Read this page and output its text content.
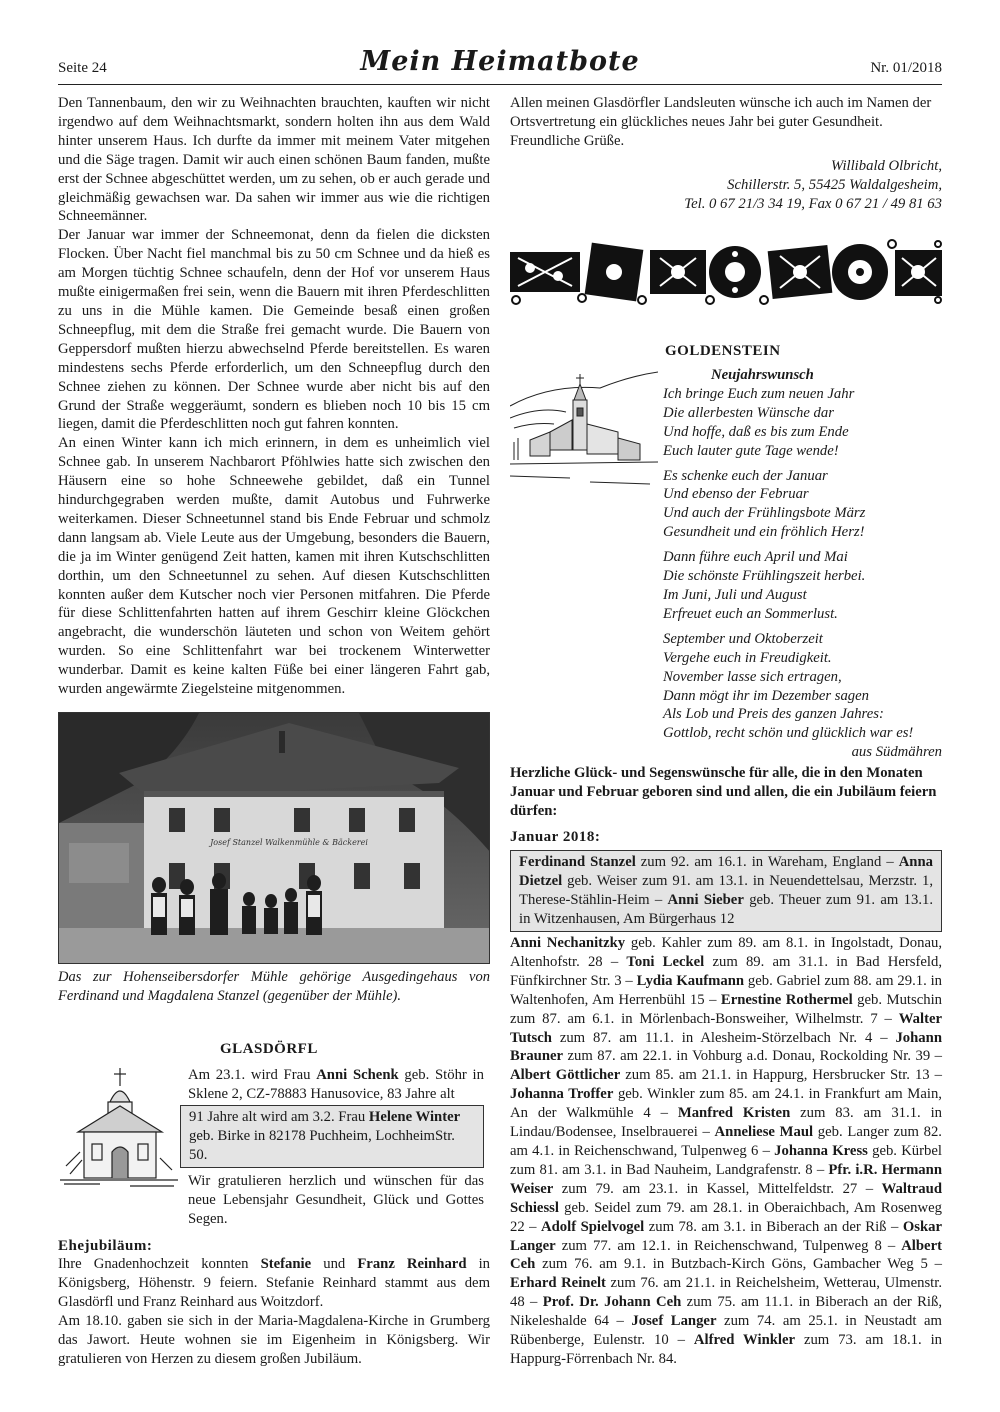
Seite 24	Mein Heimatbote	Nr. 01/2018

Den Tannenbaum, den wir zu Weihnachten brauchten, kauften wir nicht irgendwo auf dem Weihnachtsmarkt, sondern holten ihn aus dem Wald hinter unserem Haus. Ich durfte da immer mit meinem Vater mitgehen und die Säge tragen. Damit wir auch einen schönen Baum fanden, mußte erst der Schnee abgeschüttet werden, um zu sehen, ob er auch gerade und gleichmäßig gewachsen war. Da sahen wir immer aus wie die richtigen Schneemänner.

Der Januar war immer der Schneemonat, denn da fielen die dicksten Flocken. Über Nacht fiel manchmal bis zu 50 cm Schnee und da hieß es am Morgen tüchtig Schnee schaufeln, denn der Hof vor unserem Haus mußte einigermaßen frei sein, wenn die Bauern mit ihren Pferdeschlitten zu uns in die Mühle kamen. Die Gemeinde besaß einen großen Schneepflug, mit dem die Straße frei gemacht wurde. Die Bauern von Geppersdorf mußten hierzu abwechselnd Pferde bereitstellen. Es waren mindestens sechs Pferde erforderlich, um den Schneepflug durch den Schnee ziehen zu können. Der Schnee wurde aber nicht bis auf den Grund der Straße weggeräumt, sondern es blieben noch 10 bis 15 cm liegen, damit die Pferdeschlitten noch gut fahren konnten.

An einen Winter kann ich mich erinnern, in dem es unheimlich viel Schnee gab. In unserem Nachbarort Pföhlwies hatte sich zwischen den Häusern eine so hohe Schneewehe gebildet, daß ein Tunnel hindurchgegraben werden mußte, damit Autobus und Fuhrwerke weiterkamen. Dieser Schneetunnel stand bis Ende Februar und schmolz dann langsam ab. Viele Leute aus der Umgebung, besonders die Bauern, die ja im Winter genügend Zeit hatten, kamen mit ihren Kutschschlitten dorthin, um den Schneetunnel zu sehen. Auf diesen Kutschschlitten konnten außer dem Kutscher noch vier Personen mitfahren. Die Pferde für diese Schlittenfahrten hatten auf ihrem Geschirr kleine Glöckchen angebracht, die wunderschön läuteten und schon von Weitem gehört wurden. So eine Schlittenfahrt war bei trockenem Winterwetter wunderbar. Damit es keine kalten Füße bei einer längeren Fahrt gab, wurden angewärmte Ziegelsteine mitgenommen.

Josef Stanzel Walkenmühle & Bäckerei
Das zur Hohenseibersdorfer Mühle gehörige Ausgedingehaus von Ferdinand und Magdalena Stanzel (gegenüber der Mühle).
GLASDÖRFL
Am 23.1. wird Frau Anni Schenk geb. Stöhr in Sklene 2, CZ-78883 Hanusovice, 83 Jahre alt
91 Jahre alt wird am 3.2. Frau Helene Winter geb. Birke in 82178 Puchheim, LochheimStr. 50.
Wir gratulieren herzlich und wünschen für das neue Lebensjahr Gesundheit, Glück und Gottes Segen.
Ehejubiläum:

Ihre Gnadenhochzeit konnten Stefanie und Franz Reinhard in Königsberg, Höhenstr. 9 feiern. Stefanie Reinhard stammt aus dem Glasdörfl und Franz Reinhard aus Woitzdorf.

Am 18.10. gaben sie sich in der Maria-Magdalena-Kirche in Grumberg das Jawort. Heute wohnen sie im Eigenheim in Königsberg. Wir gratulieren von Herzen zu diesem großen Jubiläum.

Allen meinen Glasdörfler Landsleuten wünsche ich auch im Namen der Ortsvertretung ein glückliches neues Jahr bei guter Gesundheit. Freundliche Grüße.

Willibald Olbricht,

Schillerstr. 5, 55425 Waldalgesheim,

Tel. 0 67 21/3 34 19, Fax 0 67 21 / 49 81 63

GOLDENSTEIN
Neujahrswunsch
Ich bringe Euch zum neuen Jahr
Die allerbesten Wünsche dar
Und hoffe, daß es bis zum Ende
Euch lauter gute Tage wende!
Es schenke euch der Januar
Und ebenso der Februar
Und auch der Frühlingsbote März
Gesundheit und ein fröhlich Herz!
Dann führe euch April und Mai
Die schönste Frühlingszeit herbei.
Im Juni, Juli und August
Erfreuet euch an Sommerlust.
September und Oktoberzeit
Vergehe euch in Freudigkeit.
November lasse sich ertragen,
Dann mögt ihr im Dezember sagen
Als Lob und Preis des ganzen Jahres:
Gottlob, recht schön und glücklich war es!
aus Südmähren
Herzliche Glück- und Segenswünsche für alle, die in den Monaten Januar und Februar geboren sind und allen, die ein Jubiläum feiern dürfen:
Januar 2018:
Ferdinand Stanzel zum 92. am 16.1. in Wareham, England – Anna Dietzel geb. Weiser zum 91. am 13.1. in Neuendettelsau, Merzstr. 1, Therese-Stählin-Heim – Anni Sieber geb. Theuer zum 91. am 13.1. in Witzenhausen, Am Bürgerhaus 12
Anni Nechanitzky geb. Kahler zum 89. am 8.1. in Ingolstadt, Donau, Altenhofstr. 28 – Toni Leckel zum 89. am 31.1. in Bad Hersfeld, Fünfkirchner Str. 3 – Lydia Kaufmann geb. Gabriel zum 88. am 29.1. in Waltenhofen, Am Herrenbühl 15 – Ernestine Rothermel geb. Mutschin zum 87. am 6.1. in Mörlenbach-Bonsweiher, Wilhelmstr. 7 – Walter Tutsch zum 87. am 11.1. in Alesheim-Störzelbach Nr. 4 – Johann Brauner zum 87. am 22.1. in Vohburg a.d. Donau, Rockolding Nr. 39 – Albert Göttlicher zum 85. am 21.1. in Happurg, Hersbrucker Str. 13 – Johanna Troffer geb. Winkler zum 85. am 24.1. in Frankfurt am Main, An der Walkmühle 4 – Manfred Kristen zum 83. am 31.1. in Lindau/Bodensee, Inselbrauerei – Anneliese Maul geb. Langer zum 82. am 4.1. in Reichenschwand, Tulpenweg 6 – Johanna Kress geb. Kürbel zum 81. am 3.1. in Bad Nauheim, Landgrafenstr. 8 – Pfr. i.R. Hermann Weiser zum 79. am 23.1. in Kassel, Mittelfeldstr. 27 – Waltraud Schiessl geb. Seidel zum 79. am 28.1. in Oberaichbach, Am Rosenweg 22 – Adolf Spielvogel zum 78. am 3.1. in Biberach an der Riß – Oskar Langer zum 77. am 12.1. in Reichenschwand, Tulpenweg 8 – Albert Ceh zum 76. am 9.1. in Butzbach-Kirch Göns, Gambacher Weg 5 – Erhard Reinelt zum 76. am 21.1. in Reichelsheim, Wetterau, Ulmenstr. 48 – Prof. Dr. Johann Ceh zum 75. am 11.1. in Biberach an der Riß, Nikeleshalde 64 – Josef Langer zum 74. am 25.1. in Neustadt am Rübenberge, Eulenstr. 10 – Alfred Winkler zum 73. am 18.1. in Happurg-Förrenbach Nr. 84.
